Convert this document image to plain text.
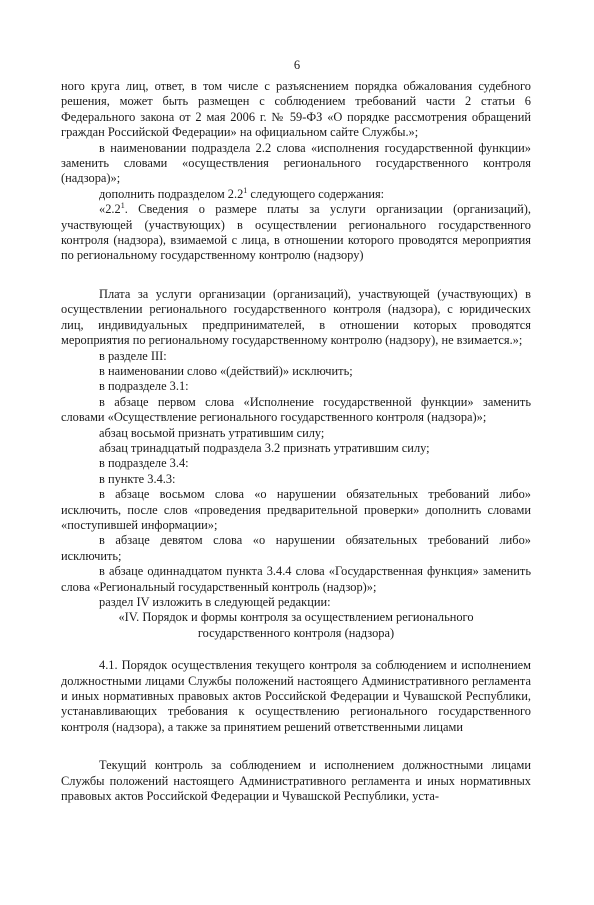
6

ного круга лиц, ответ, в том числе с разъяснением порядка обжалования судебного решения, может быть размещен с соблюдением требований части 2 статьи 6 Федерального закона от 2 мая 2006 г. № 59-ФЗ «О порядке рассмотрения обращений граждан Российской Федерации» на официальном сайте Службы.»;

в наименовании подраздела 2.2 слова «исполнения государственной функции» заменить словами «осуществления регионального государственного контроля (надзора)»;

дополнить подразделом $2.2^1$ следующего содержания:

«$2.2^1$. Сведения о размере платы за услуги организации (организаций), участвующей (участвующих) в осуществлении регионального государственного контроля (надзора), взимаемой с лица, в отношении которого проводятся мероприятия по региональному государственному контролю (надзору)

Плата за услуги организации (организаций), участвующей (участвующих) в осуществлении регионального государственного контроля (надзора), с юридических лиц, индивидуальных предпринимателей, в отношении которых проводятся мероприятия по региональному государственному контролю (надзору), не взимается.»;

в разделе III:

в наименовании слово «(действий)» исключить;

в подразделе 3.1:

в абзаце первом слова «Исполнение государственной функции» заменить словами «Осуществление регионального государственного контроля (надзора)»;

абзац восьмой признать утратившим силу;

абзац тринадцатый подраздела 3.2 признать утратившим силу;

в подразделе 3.4:

в пункте 3.4.3:

в абзаце восьмом слова «о нарушении обязательных требований либо» исключить, после слов «проведения предварительной проверки» дополнить словами «поступившей информации»;

в абзаце девятом слова «о нарушении обязательных требований либо» исключить;

в абзаце одиннадцатом пункта 3.4.4 слова «Государственная функция» заменить слова «Региональный государственный контроль (надзор)»;

раздел IV изложить в следующей редакции:

«IV. Порядок и формы контроля за осуществлением регионального

государственного контроля (надзора)

4.1. Порядок осуществления текущего контроля за соблюдением и исполнением должностными лицами Службы положений настоящего Административного регламента и иных нормативных правовых актов Российской Федерации и Чувашской Республики, устанавливающих требования к осуществлению регионального государственного контроля (надзора), а также за принятием решений ответственными лицами

Текущий контроль за соблюдением и исполнением должностными лицами Службы положений настоящего Административного регламента и иных нормативных правовых актов Российской Федерации и Чувашской Республики, уста-
